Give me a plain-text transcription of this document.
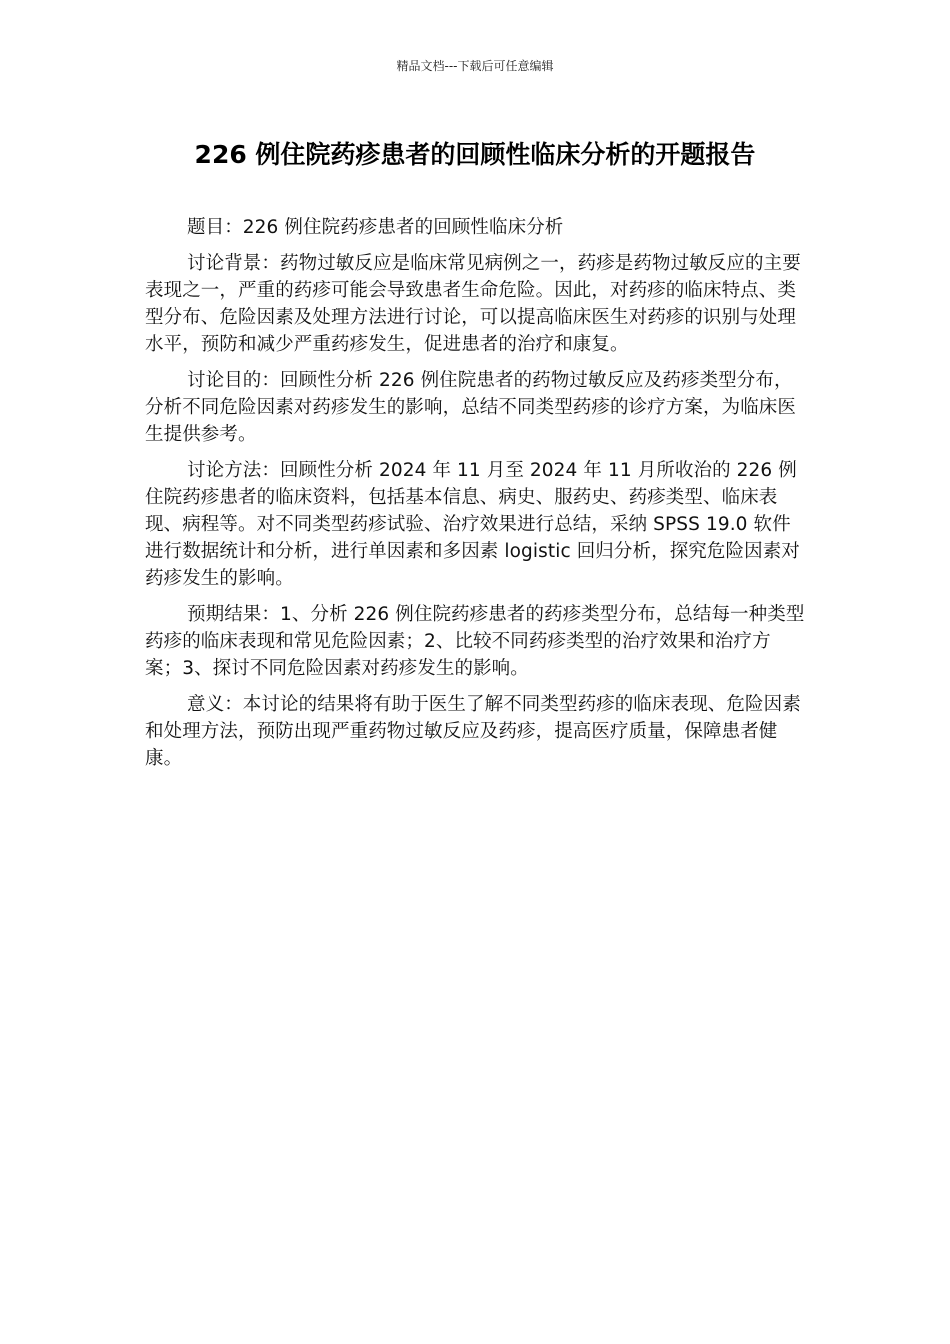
精品文档---下载后可任意编辑
226 例住院药疹患者的回顾性临床分析的开题报告

题目：226 例住院药疹患者的回顾性临床分析

讨论背景：药物过敏反应是临床常见病例之一，药疹是药物过敏反应的主要表现之一，严重的药疹可能会导致患者生命危险。因此，对药疹的临床特点、类型分布、危险因素及处理方法进行讨论，可以提高临床医生对药疹的识别与处理水平，预防和减少严重药疹发生，促进患者的治疗和康复。

讨论目的：回顾性分析 226 例住院患者的药物过敏反应及药疹类型分布，分析不同危险因素对药疹发生的影响，总结不同类型药疹的诊疗方案，为临床医生提供参考。

讨论方法：回顾性分析 2024 年 11 月至 2024 年 11 月所收治的 226 例住院药疹患者的临床资料，包括基本信息、病史、服药史、药疹类型、临床表现、病程等。对不同类型药疹试验、治疗效果进行总结，采纳 SPSS 19.0 软件进行数据统计和分析，进行单因素和多因素 logistic 回归分析，探究危险因素对药疹发生的影响。

预期结果：1、分析 226 例住院药疹患者的药疹类型分布，总结每一种类型药疹的临床表现和常见危险因素；2、比较不同药疹类型的治疗效果和治疗方案；3、探讨不同危险因素对药疹发生的影响。

意义：本讨论的结果将有助于医生了解不同类型药疹的临床表现、危险因素和处理方法，预防出现严重药物过敏反应及药疹，提高医疗质量，保障患者健康。
